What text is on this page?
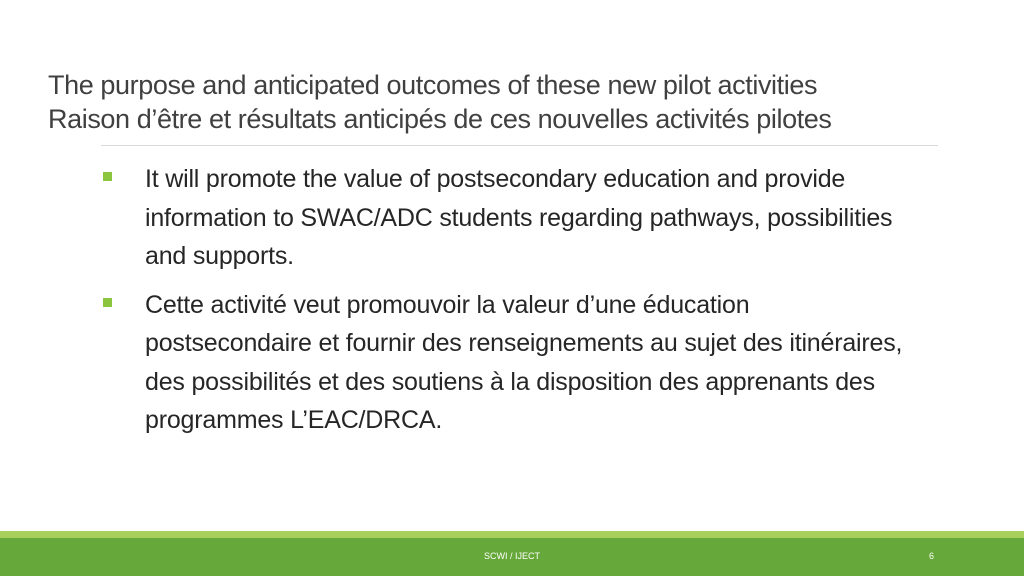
The purpose and anticipated outcomes of these new pilot activities
Raison d’être et résultats anticipés de ces nouvelles activités pilotes
It will promote the value of postsecondary education and provide information to SWAC/ADC students regarding pathways, possibilities and supports.
Cette activité veut promouvoir la valeur d’une éducation postsecondaire et fournir des renseignements au sujet des itinéraires, des possibilités et des soutiens à la disposition des apprenants des programmes L’EAC/DRCA.
SCWI / IJECT	6
